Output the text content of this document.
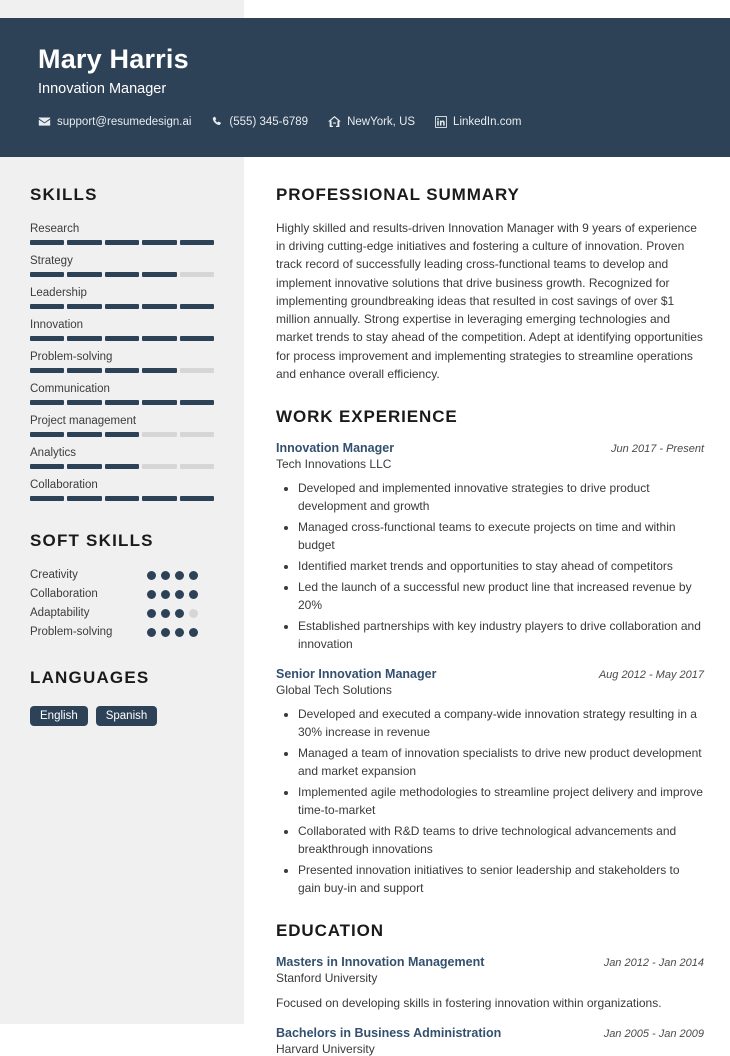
Mary Harris
Innovation Manager
support@resumedesign.ai	(555) 345-6789	NewYork, US	LinkedIn.com
SKILLS
Research
Strategy
Leadership
Innovation
Problem-solving
Communication
Project management
Analytics
Collaboration
SOFT SKILLS
Creativity
Collaboration
Adaptability
Problem-solving
LANGUAGES
English	Spanish
PROFESSIONAL SUMMARY
Highly skilled and results-driven Innovation Manager with 9 years of experience in driving cutting-edge initiatives and fostering a culture of innovation. Proven track record of successfully leading cross-functional teams to develop and implement innovative solutions that drive business growth. Recognized for implementing groundbreaking ideas that resulted in cost savings of over $1 million annually. Strong expertise in leveraging emerging technologies and market trends to stay ahead of the competition. Adept at identifying opportunities for process improvement and implementing strategies to streamline operations and enhance overall efficiency.
WORK EXPERIENCE
Innovation Manager	Jun 2017 - Present
Tech Innovations LLC
• Developed and implemented innovative strategies to drive product development and growth
• Managed cross-functional teams to execute projects on time and within budget
• Identified market trends and opportunities to stay ahead of competitors
• Led the launch of a successful new product line that increased revenue by 20%
• Established partnerships with key industry players to drive collaboration and innovation
Senior Innovation Manager	Aug 2012 - May 2017
Global Tech Solutions
• Developed and executed a company-wide innovation strategy resulting in a 30% increase in revenue
• Managed a team of innovation specialists to drive new product development and market expansion
• Implemented agile methodologies to streamline project delivery and improve time-to-market
• Collaborated with R&D teams to drive technological advancements and breakthrough innovations
• Presented innovation initiatives to senior leadership and stakeholders to gain buy-in and support
EDUCATION
Masters in Innovation Management	Jan 2012 - Jan 2014
Stanford University
Focused on developing skills in fostering innovation within organizations.
Bachelors in Business Administration	Jan 2005 - Jan 2009
Harvard University
